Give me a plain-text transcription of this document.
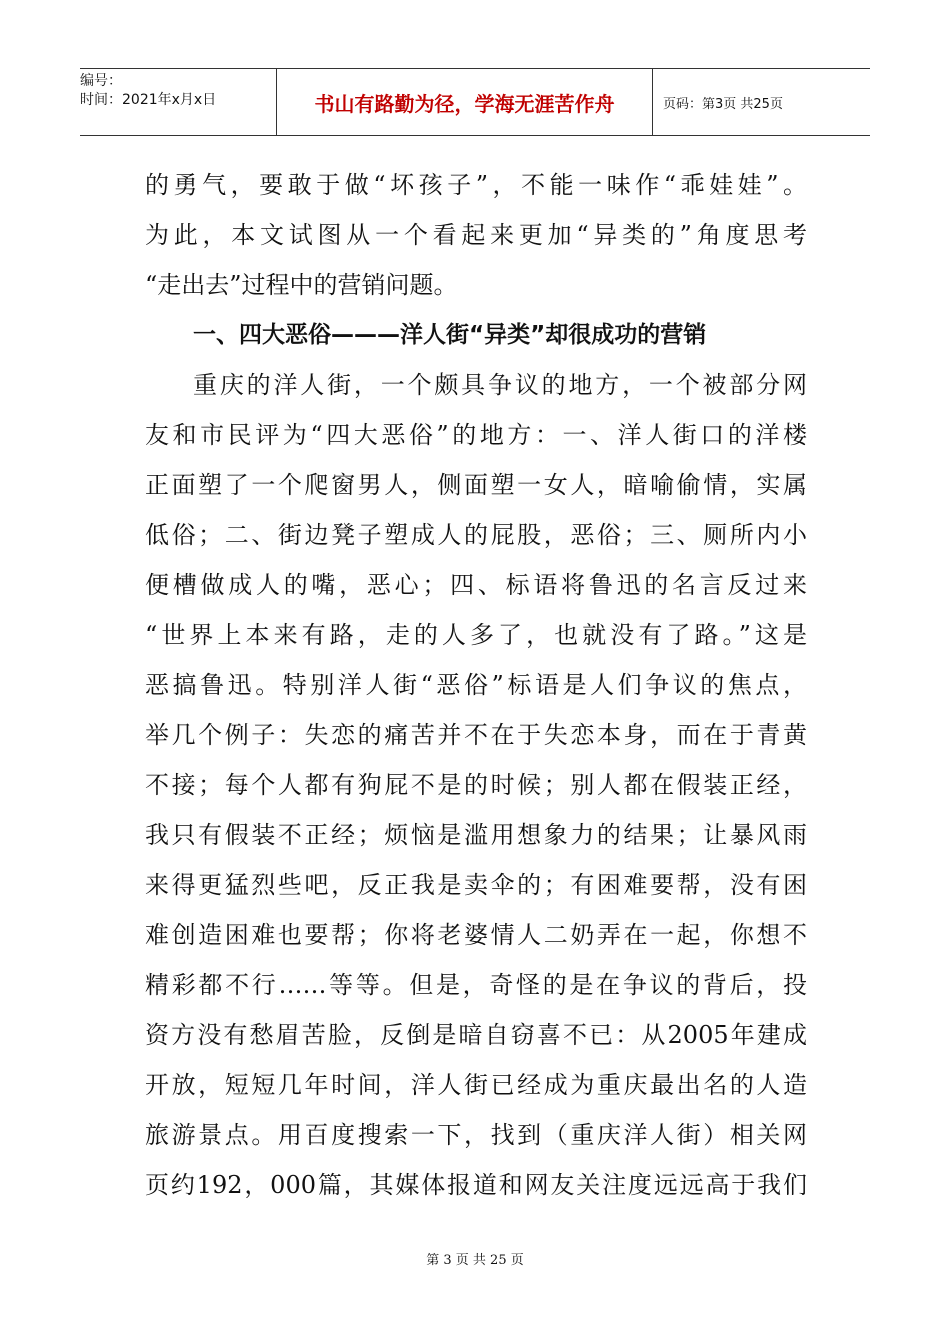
编号：
时间：2021年x月x日	书山有路勤为径，学海无涯苦作舟	页码：第3页 共25页
的勇气，要敢于做“坏孩子”，不能一味作“乖娃娃”。
为此，本文试图从一个看起来更加“异类的”角度思考
“走出去”过程中的营销问题。
一、四大恶俗———洋人街“异类”却很成功的营销
重庆的洋人街，一个颇具争议的地方，一个被部分网
友和市民评为“四大恶俗”的地方：一、洋人街口的洋楼
正面塑了一个爬窗男人，侧面塑一女人，暗喻偷情，实属
低俗；二、街边凳子塑成人的屁股，恶俗；三、厕所内小
便槽做成人的嘴，恶心；四、标语将鲁迅的名言反过来
“世界上本来有路，走的人多了，也就没有了路。”这是
恶搞鲁迅。特别洋人街“恶俗”标语是人们争议的焦点，
举几个例子：失恋的痛苦并不在于失恋本身，而在于青黄
不接；每个人都有狗屁不是的时候；别人都在假装正经，
我只有假装不正经；烦恼是滥用想象力的结果；让暴风雨
来得更猛烈些吧，反正我是卖伞的；有困难要帮，没有困
难创造困难也要帮；你将老婆情人二奶弄在一起，你想不
精彩都不行……等等。但是，奇怪的是在争议的背后，投
资方没有愁眉苦脸，反倒是暗自窃喜不已：从2005年建成
开放，短短几年时间，洋人街已经成为重庆最出名的人造
旅游景点。用百度搜索一下，找到（重庆洋人街）相关网
页约192，000篇，其媒体报道和网友关注度远远高于我们
第 3 页 共 25 页
